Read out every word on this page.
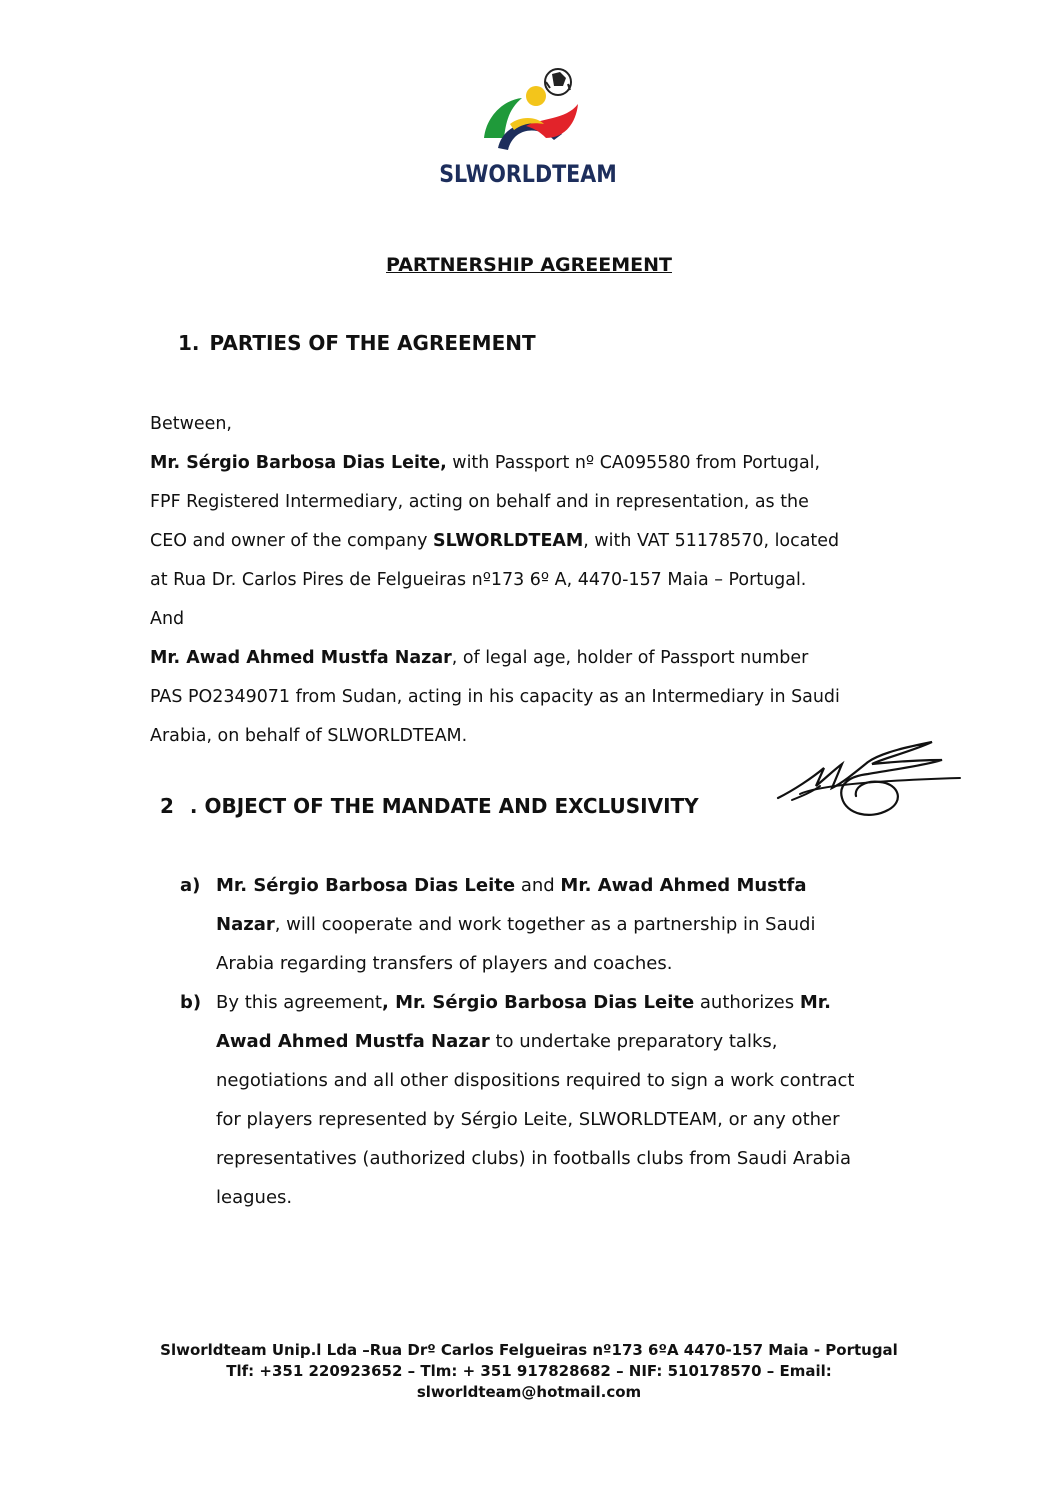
SLWORLDTEAM
PARTNERSHIP AGREEMENT
1. PARTIES OF THE AGREEMENT
Between,
Mr. Sérgio Barbosa Dias Leite, with Passport nº CA095580 from Portugal,
FPF Registered Intermediary, acting on behalf and in representation, as the
CEO and owner of the company SLWORLDTEAM, with VAT 51178570, located
at Rua Dr. Carlos Pires de Felgueiras nº173 6º A, 4470-157 Maia – Portugal.
And
Mr. Awad Ahmed Mustfa Nazar, of legal age, holder of Passport number
PAS PO2349071 from Sudan, acting in his capacity as an Intermediary in Saudi
Arabia, on behalf of SLWORLDTEAM.
2 . OBJECT OF THE MANDATE AND EXCLUSIVITY
a) Mr. Sérgio Barbosa Dias Leite and Mr. Awad Ahmed Mustfa
Nazar, will cooperate and work together as a partnership in Saudi
Arabia regarding transfers of players and coaches.
b) By this agreement, Mr. Sérgio Barbosa Dias Leite authorizes Mr.
Awad Ahmed Mustfa Nazar to undertake preparatory talks,
negotiations and all other dispositions required to sign a work contract
for players represented by Sérgio Leite, SLWORLDTEAM, or any other
representatives (authorized clubs) in footballs clubs from Saudi Arabia
leagues.
Slworldteam Unip.l Lda –Rua Drº Carlos Felgueiras nº173 6ºA 4470-157 Maia - Portugal
Tlf: +351 220923652 – Tlm: + 351 917828682 – NIF: 510178570 – Email:
slworldteam@hotmail.com
